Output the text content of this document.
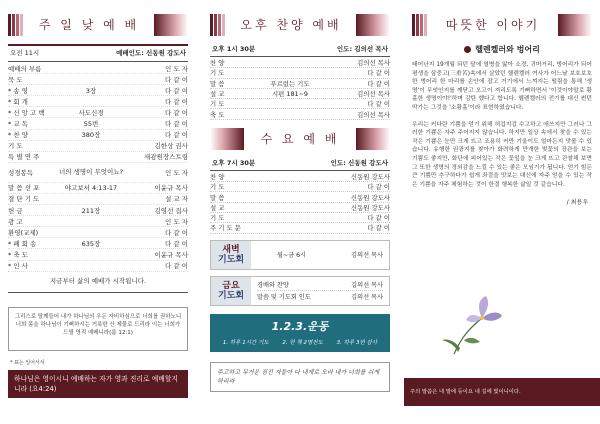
주 일 낮 예 배
오전 11시	예배인도: 신동원 강도사
예배의 부름	인 도 자
묵 도	다 같 이
* 송 영	3장	다 같 이
* 회 개	다 같 이
* 신 앙 고 백	사도신경	다 같 이
* 교 독	55번	다 같 이
* 찬 양	380장	다 같 이
기 도	김한상 권사
특 별 연 주	새광원장스트링
성경봉독	너의 생명이 무엇이뇨?	인 도 자
말 씀 선 포	야고보서 4:13-17	이윤규 목사
결 단 기 도	설 교 자
헌 금	211장	김영선 집사
광 고	인 도 자
환영(교제)	다 같 이
* 폐 회 송	635장	다 같 이
* 축 도	이윤규 목사
* 인 사	다 같 이
지금부터 삶의 예배가 시작됩니다.
그리스로 탈께들어 내가 하나님의 우든 자비하심으로 너희를 권하노니 너희 몸을 하나님이 기뻐하시는 거룩한 산 제물로 드리라 이는 너희가 드릴 영적 예배니라(롬 12:1)
* 표는 일어서서
하나님은 영이시니 예배하는 자가 영과 진리로 예배할지니라 (요4:24)
오후 찬양 예배
오후 1시 30분	인도: 김의선 목사
찬 양	김의선 목사
기 도	다 같 이
말 씀	푸르렀는 기도	다 같 이
설 교	시편 181~9	김의선 목사
기 도	다 같 이
축 도	김의선 목사
수 요 예 배
오후 7시 30분	인도: 신동원 강도사
찬 양	신동원 강도사
기 도	다 같 이
말 씀	신동원 강도사
설 교	신동원 강도사
기 도	다 같 이
주 기 도 문	다 같 이
새벽
기도회	월~금 6시	김의선 목사
금요
기도회
경배와 찬양	김의선 목사
말씀 및 기도회 인도	김의선 목사
1.2.3.운동
1. 하루 1시간 기도 2. 한 책 2명전도 3. 하루 3번 감사
주고하고 무거운 짐진 자들아 다 내게로 오라 내가 너희를 쉬게 하리라
따뜻한 이야기
헬렌켈러와 벙어리

태어난지 19개월 되던 달에 열병을 앓아 소경, 귀머거리, 벙어리가 되어 평생을 삼중고(三重苦)속에서 살았던 헬렌켈러 여사가 어느날 보호보호한 벙어리 한 마리를 손안에 잡고 거기에서 느껴지는 떨림을 통해 '생명'이 무엇인지를 깨닫고 오고이 져리도록 기뻐하면서 '이것이야말로 황홀한 생명이야!'하며 감탄 했다고 합니다. 헬렌켈러의 전기를 대신 썬던 막가는 그것을 '소황홀'이라 표현하였습니다.

우리는 커다란 기쁨을 얻기 위해 허겁지겁 수고하고 애쓰지만 그러나 그러한 기쁨은 자주 주어지지 않습니다. 하지만 일상 속에서 찾을 수 있는 작은 기쁨은 눈만 크게 뜨고 조용히 커만 기울이도 얼마든지 맛볼 수 있습니다. 유행한 권광지를 찾아가 화려하게 만개한 벚꽃의 장관을 보는 기쁨도 좋지만, 화단에 피어있는 작은 꽃잎을 눈 크게 뜨고 관찰해 보면 그 또한 생명의 경외감을 느낄 수 있는 좋은 모임기가 됩니다. 얻기 힘든 큰 기쁨만 추구하다가 쉽게 좌절을 맛보는 대신에 자주 얻을 수 있는 작은 기쁨을 자주 체험하는 것이 한결 행복한 삶일 것 같습니다.

/ 최용우
주의 말씀은 내 발에 등이요 내 길에 빛이니이다.
